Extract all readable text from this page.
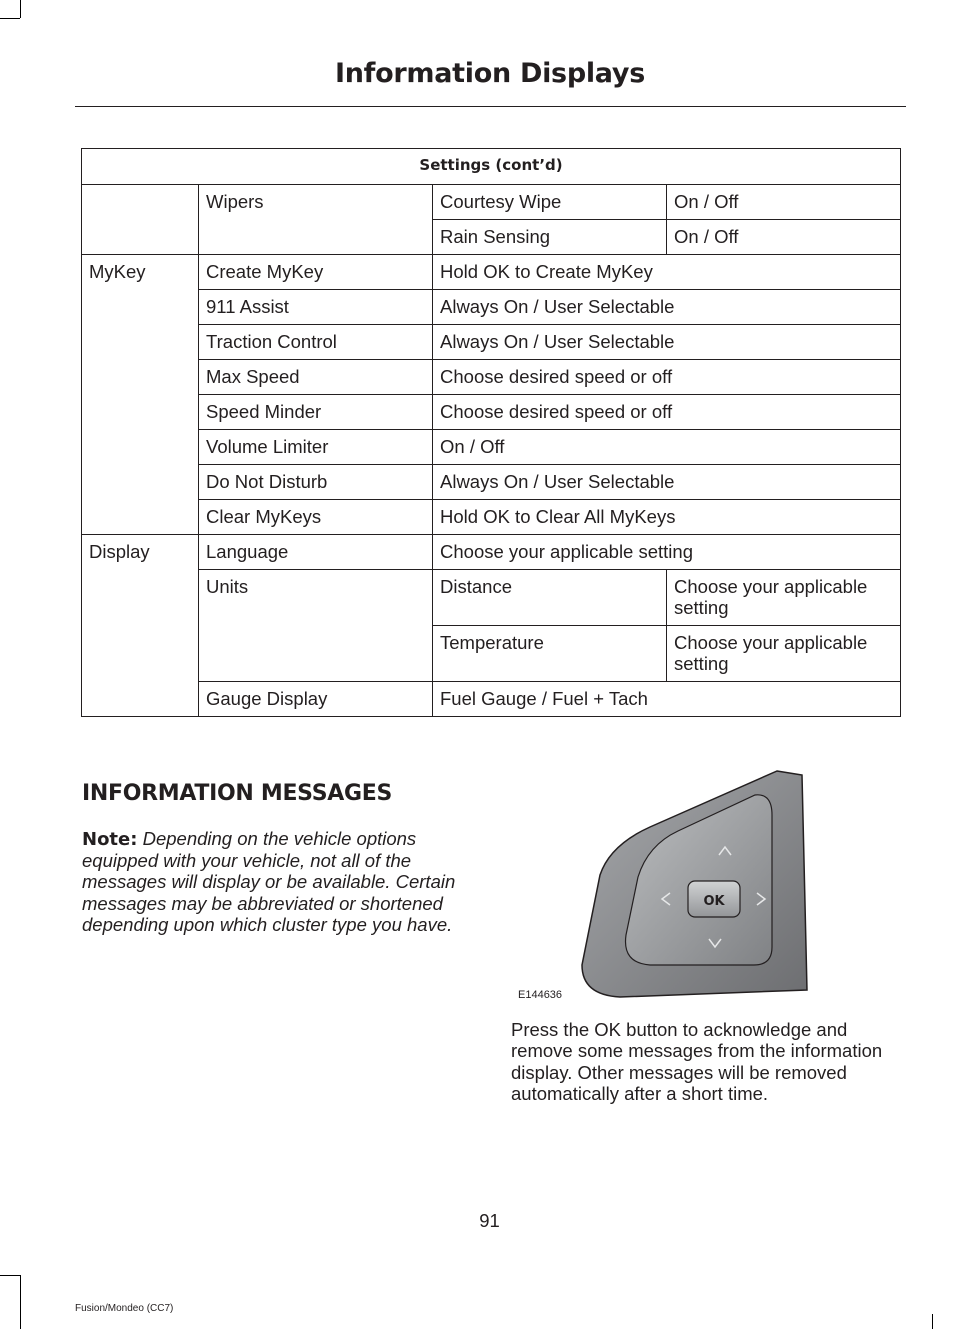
Information Displays
Settings (cont’d)			
	Wipers	Courtesy Wipe	On / Off
		Rain Sensing	On / Off
MyKey	Create MyKey	Hold OK to Create MyKey	
	911 Assist	Always On / User Selectable	
	Traction Control	Always On / User Selectable	
	Max Speed	Choose desired speed or off	
	Speed Minder	Choose desired speed or off	
	Volume Limiter	On / Off	
	Do Not Disturb	Always On / User Selectable	
	Clear MyKeys	Hold OK to Clear All MyKeys	
Display	Language	Choose your applicable setting	
	Units	Distance	Choose your applicable setting
		Temperature	Choose your applicable setting
	Gauge Display	Fuel Gauge / Fuel + Tach	
INFORMATION MESSAGES
Note: Depending on the vehicle options equipped with your vehicle, not all of the messages will display or be available. Certain messages may be abbreviated or shortened depending upon which cluster type you have.
OK
E144636
Press the OK button to acknowledge and remove some messages from the information display. Other messages will be removed automatically after a short time.
91
Fusion/Mondeo (CC7)
